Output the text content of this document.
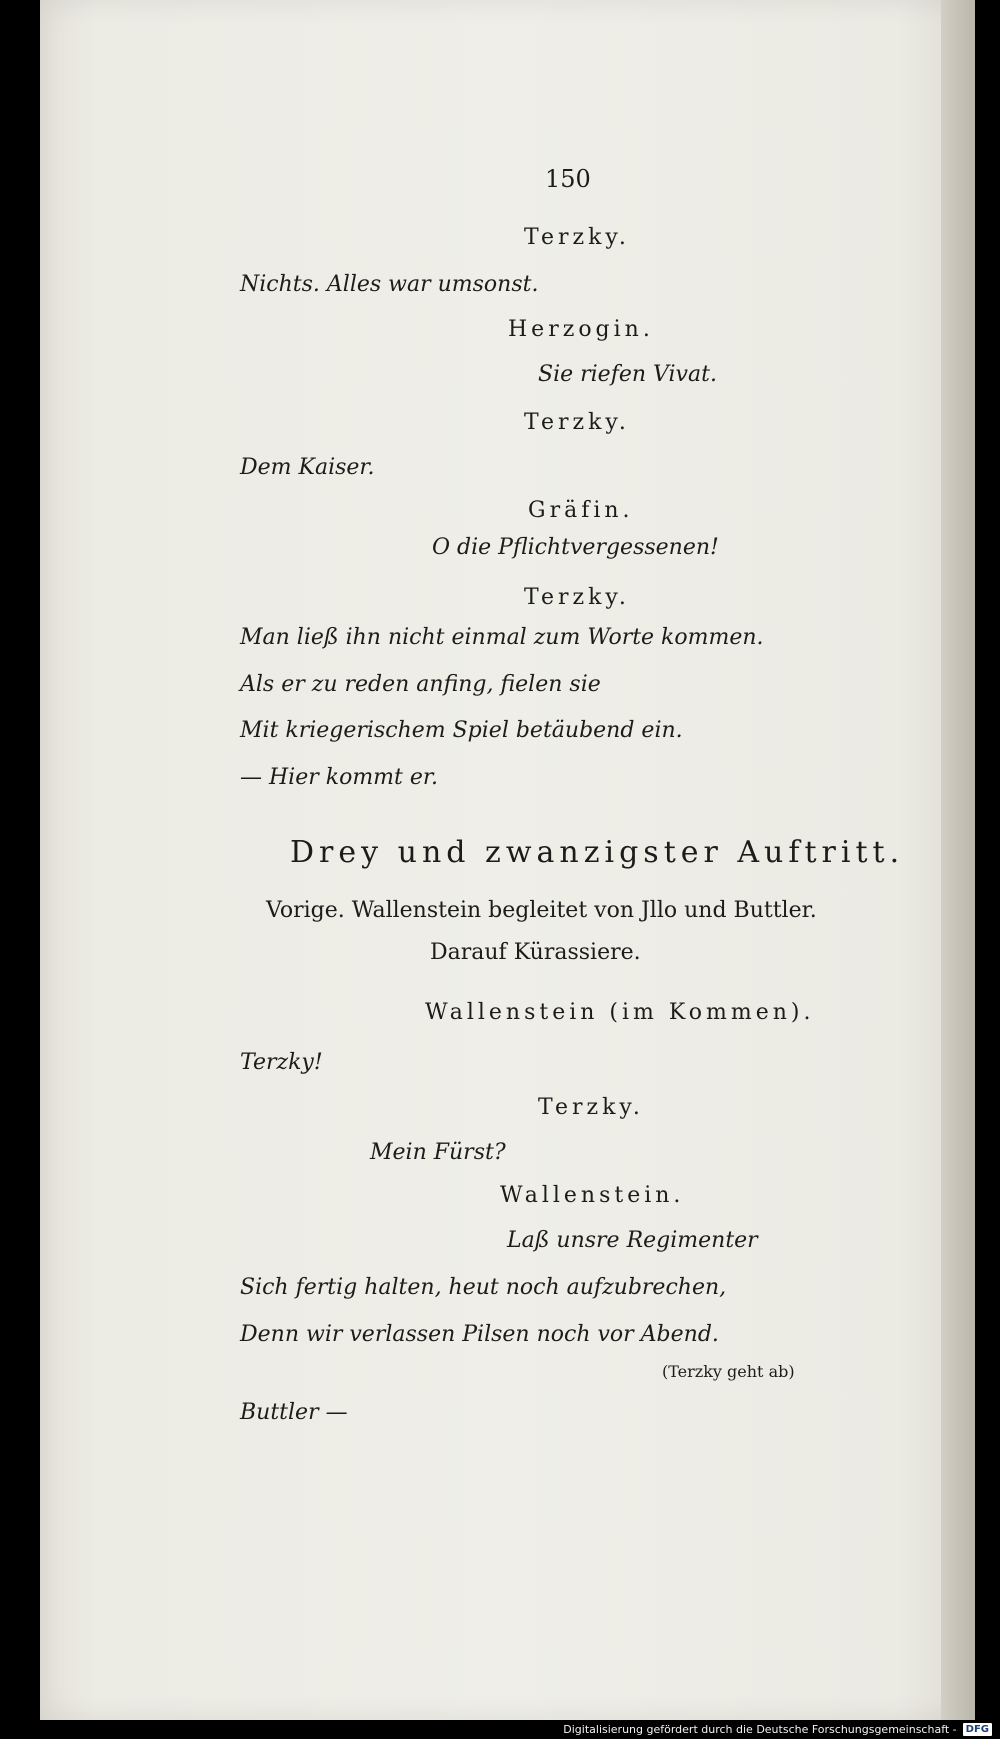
150
Terzky.
Nichts. Alles war umsonst.
Herzogin.
Sie riefen Vivat.
Terzky.
Dem Kaiser.
Gräfin.
O die Pflichtvergessenen!
Terzky.
Man ließ ihn nicht einmal zum Worte kommen.
Als er zu reden anfing, fielen sie
Mit kriegerischem Spiel betäubend ein.
— Hier kommt er.
Drey und zwanzigster Auftritt.
Vorige. Wallenstein begleitet von Jllo und Buttler.
Darauf Kürassiere.
Wallenstein (im Kommen).
Terzky!
Terzky.
Mein Fürst?
Wallenstein.
Laß unsre Regimenter
Sich fertig halten, heut noch aufzubrechen,
Denn wir verlassen Pilsen noch vor Abend.
(Terzky geht ab)
Buttler —
Digitalisierung gefördert durch die Deutsche Forschungsgemeinschaft - DFG
